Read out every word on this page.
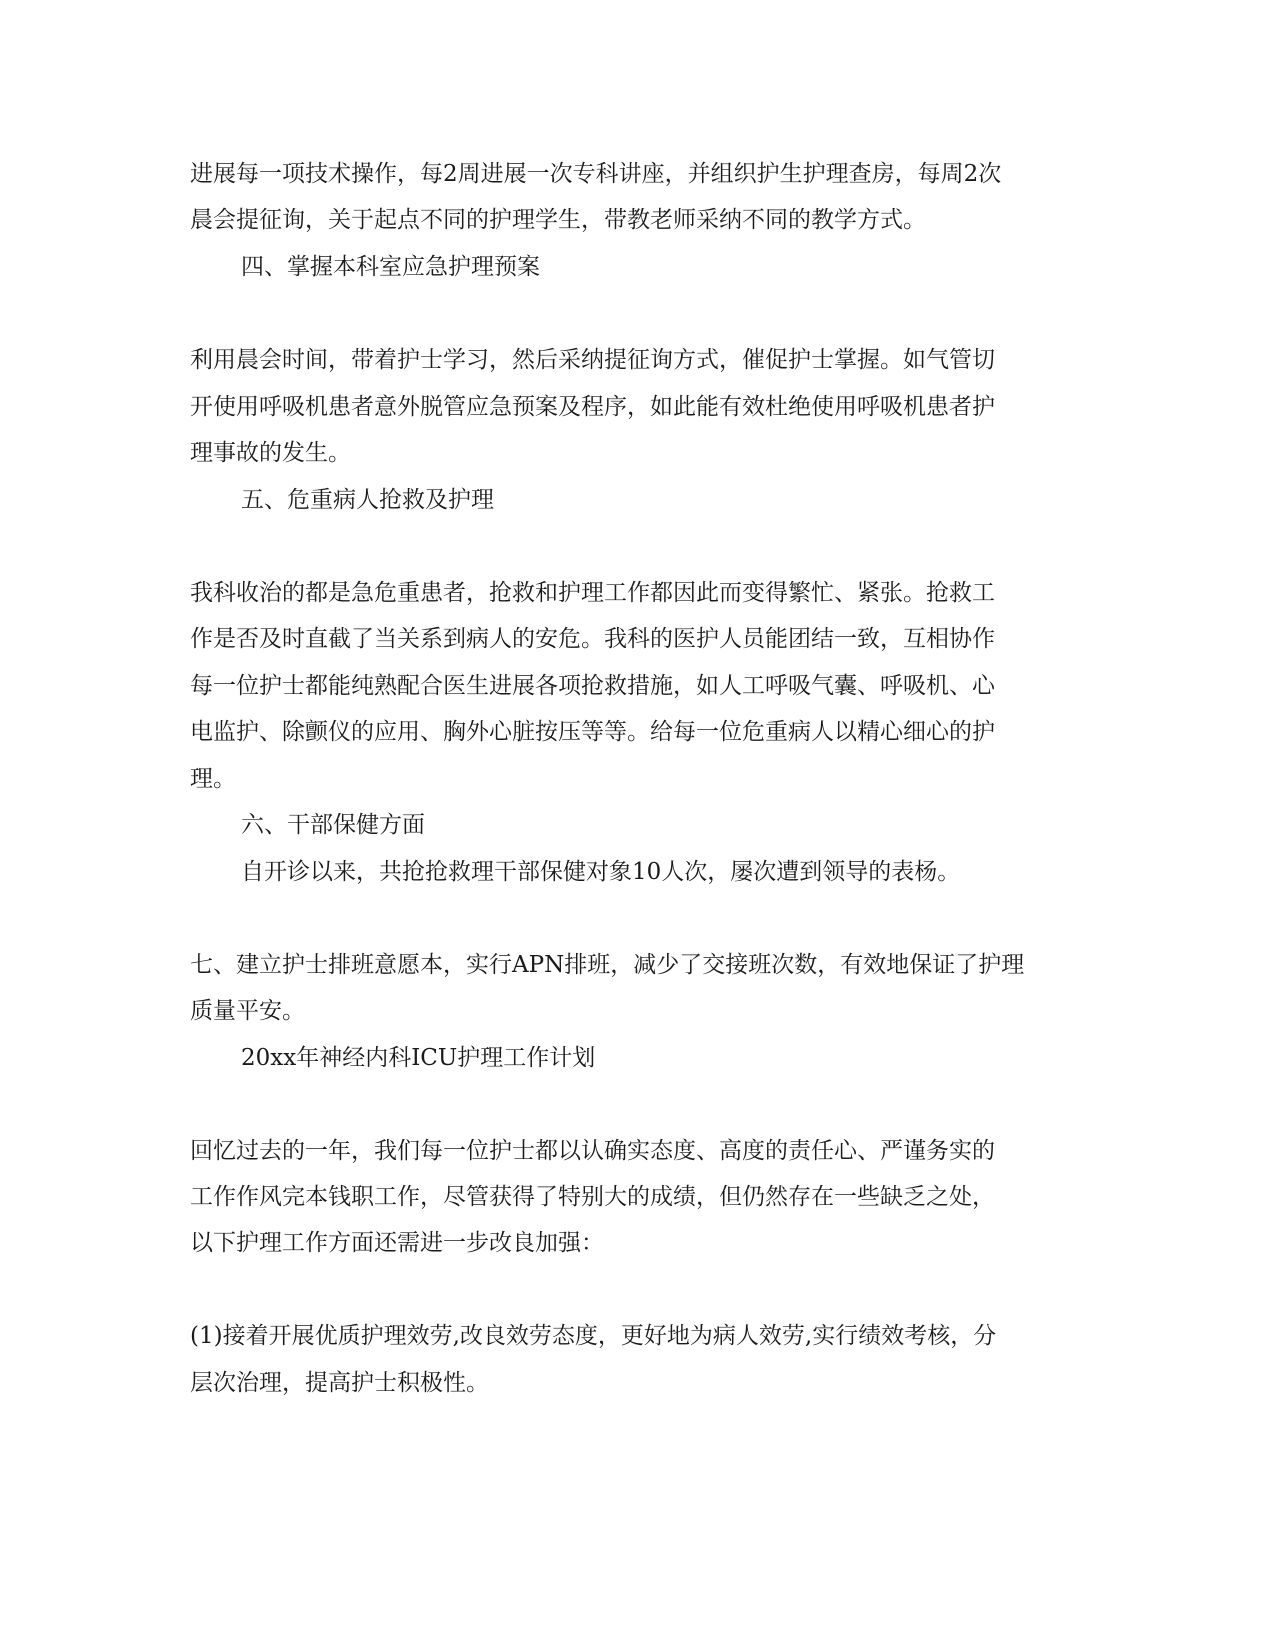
进展每一项技术操作，每2周进展一次专科讲座，并组织护生护理查房，每周2次

晨会提征询，关于起点不同的护理学生，带教老师采纳不同的教学方式。

四、掌握本科室应急护理预案

利用晨会时间，带着护士学习，然后采纳提征询方式，催促护士掌握。如气管切

开使用呼吸机患者意外脱管应急预案及程序，如此能有效杜绝使用呼吸机患者护

理事故的发生。

五、危重病人抢救及护理

我科收治的都是急危重患者，抢救和护理工作都因此而变得繁忙、紧张。抢救工

作是否及时直截了当关系到病人的安危。我科的医护人员能团结一致，互相协作

每一位护士都能纯熟配合医生进展各项抢救措施，如人工呼吸气囊、呼吸机、心

电监护、除颤仪的应用、胸外心脏按压等等。给每一位危重病人以精心细心的护

理。

六、干部保健方面

自开诊以来，共抢抢救理干部保健对象10人次，屡次遭到领导的表杨。

七、建立护士排班意愿本，实行APN排班，减少了交接班次数，有效地保证了护理

质量平安。

20xx年神经内科ICU护理工作计划

回忆过去的一年，我们每一位护士都以认确实态度、高度的责任心、严谨务实的

工作作风完本钱职工作，尽管获得了特别大的成绩，但仍然存在一些缺乏之处，

以下护理工作方面还需进一步改良加强：

(1)接着开展优质护理效劳,改良效劳态度，更好地为病人效劳,实行绩效考核，分

层次治理，提高护士积极性。
